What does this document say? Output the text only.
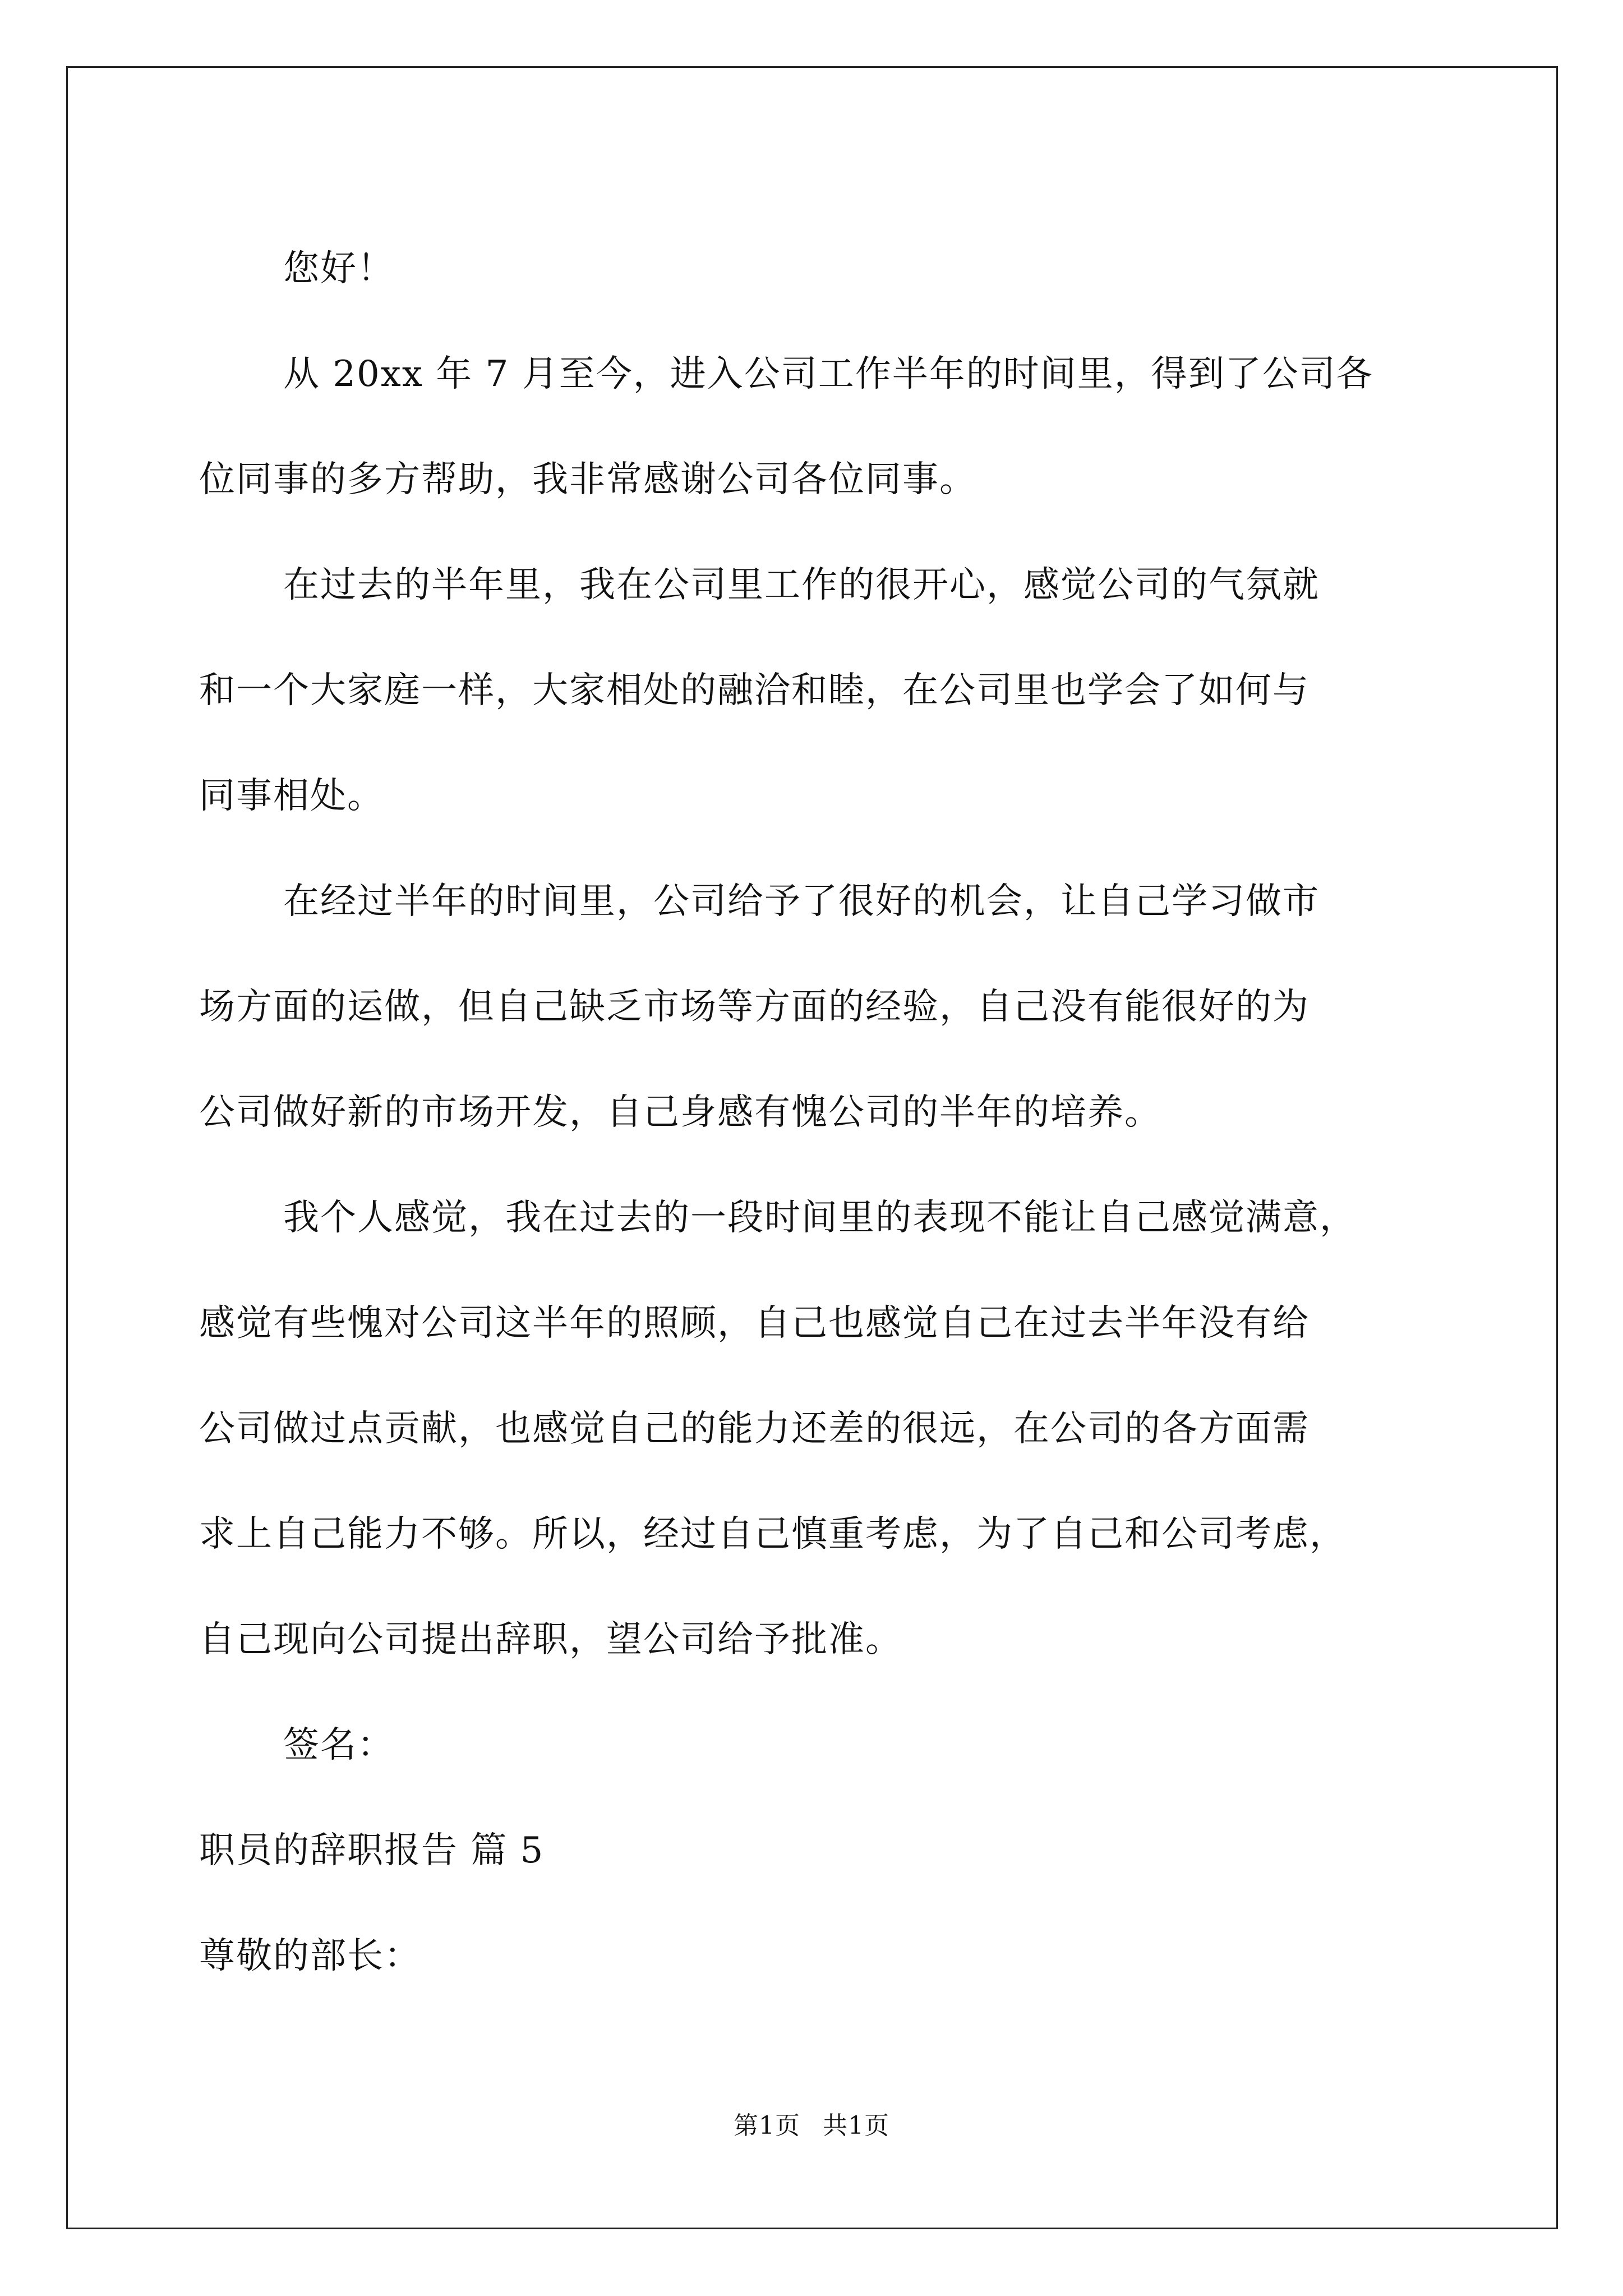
您好！

从 20xx 年 7 月至今，进入公司工作半年的时间里，得到了公司各

位同事的多方帮助，我非常感谢公司各位同事。

在过去的半年里，我在公司里工作的很开心，感觉公司的气氛就

和一个大家庭一样，大家相处的融洽和睦，在公司里也学会了如何与

同事相处。

在经过半年的时间里，公司给予了很好的机会，让自己学习做市

场方面的运做，但自己缺乏市场等方面的经验，自己没有能很好的为

公司做好新的市场开发，自己身感有愧公司的半年的培养。

我个人感觉，我在过去的一段时间里的表现不能让自己感觉满意，

感觉有些愧对公司这半年的照顾，自己也感觉自己在过去半年没有给

公司做过点贡献，也感觉自己的能力还差的很远，在公司的各方面需

求上自己能力不够。所以，经过自己慎重考虑，为了自己和公司考虑，

自己现向公司提出辞职，望公司给予批准。

签名：

职员的辞职报告 篇 5

尊敬的部长：

第1页 共1页
